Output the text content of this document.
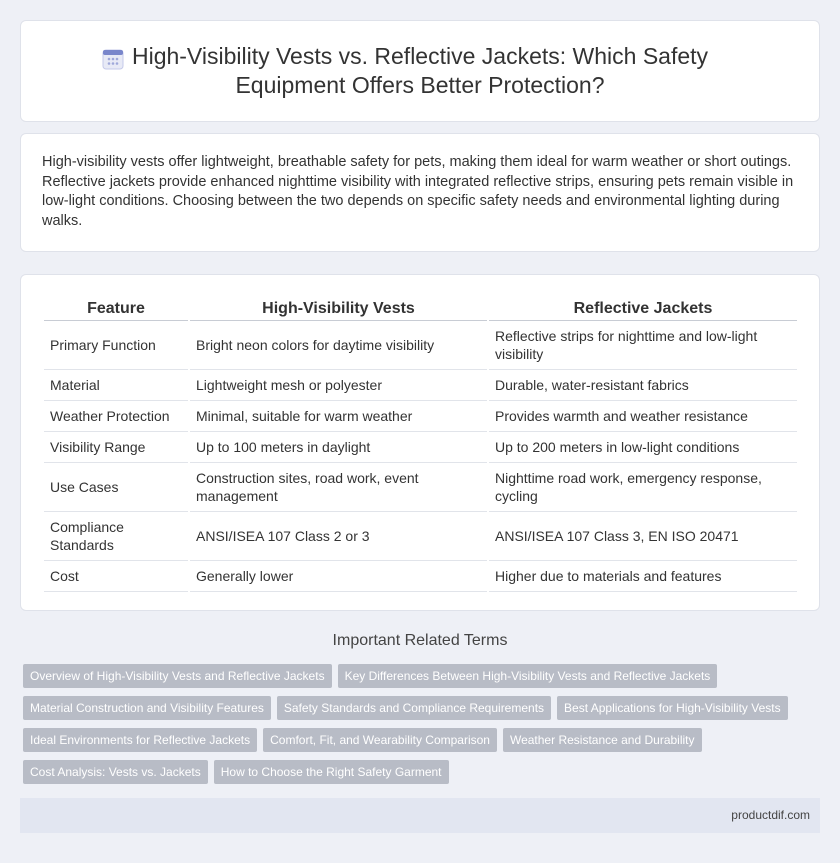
High-Visibility Vests vs. Reflective Jackets: Which Safety Equipment Offers Better Protection?

High-visibility vests offer lightweight, breathable safety for pets, making them ideal for warm weather or short outings. Reflective jackets provide enhanced nighttime visibility with integrated reflective strips, ensuring pets remain visible in low-light conditions. Choosing between the two depends on specific safety needs and environmental lighting during walks.

Feature	High-Visibility Vests	Reflective Jackets
Primary Function	Bright neon colors for daytime visibility	Reflective strips for nighttime and low-light visibility
Material	Lightweight mesh or polyester	Durable, water-resistant fabrics
Weather Protection	Minimal, suitable for warm weather	Provides warmth and weather resistance
Visibility Range	Up to 100 meters in daylight	Up to 200 meters in low-light conditions
Use Cases	Construction sites, road work, event management	Nighttime road work, emergency response, cycling
Compliance Standards	ANSI/ISEA 107 Class 2 or 3	ANSI/ISEA 107 Class 3, EN ISO 20471
Cost	Generally lower	Higher due to materials and features
Important Related Terms
Overview of High-Visibility Vests and Reflective Jackets Key Differences Between High-Visibility Vests and Reflective Jackets
Material Construction and Visibility Features Safety Standards and Compliance Requirements Best Applications for High-Visibility Vests
Ideal Environments for Reflective Jackets Comfort, Fit, and Wearability Comparison Weather Resistance and Durability
Cost Analysis: Vests vs. Jackets How to Choose the Right Safety Garment
productdif.com
